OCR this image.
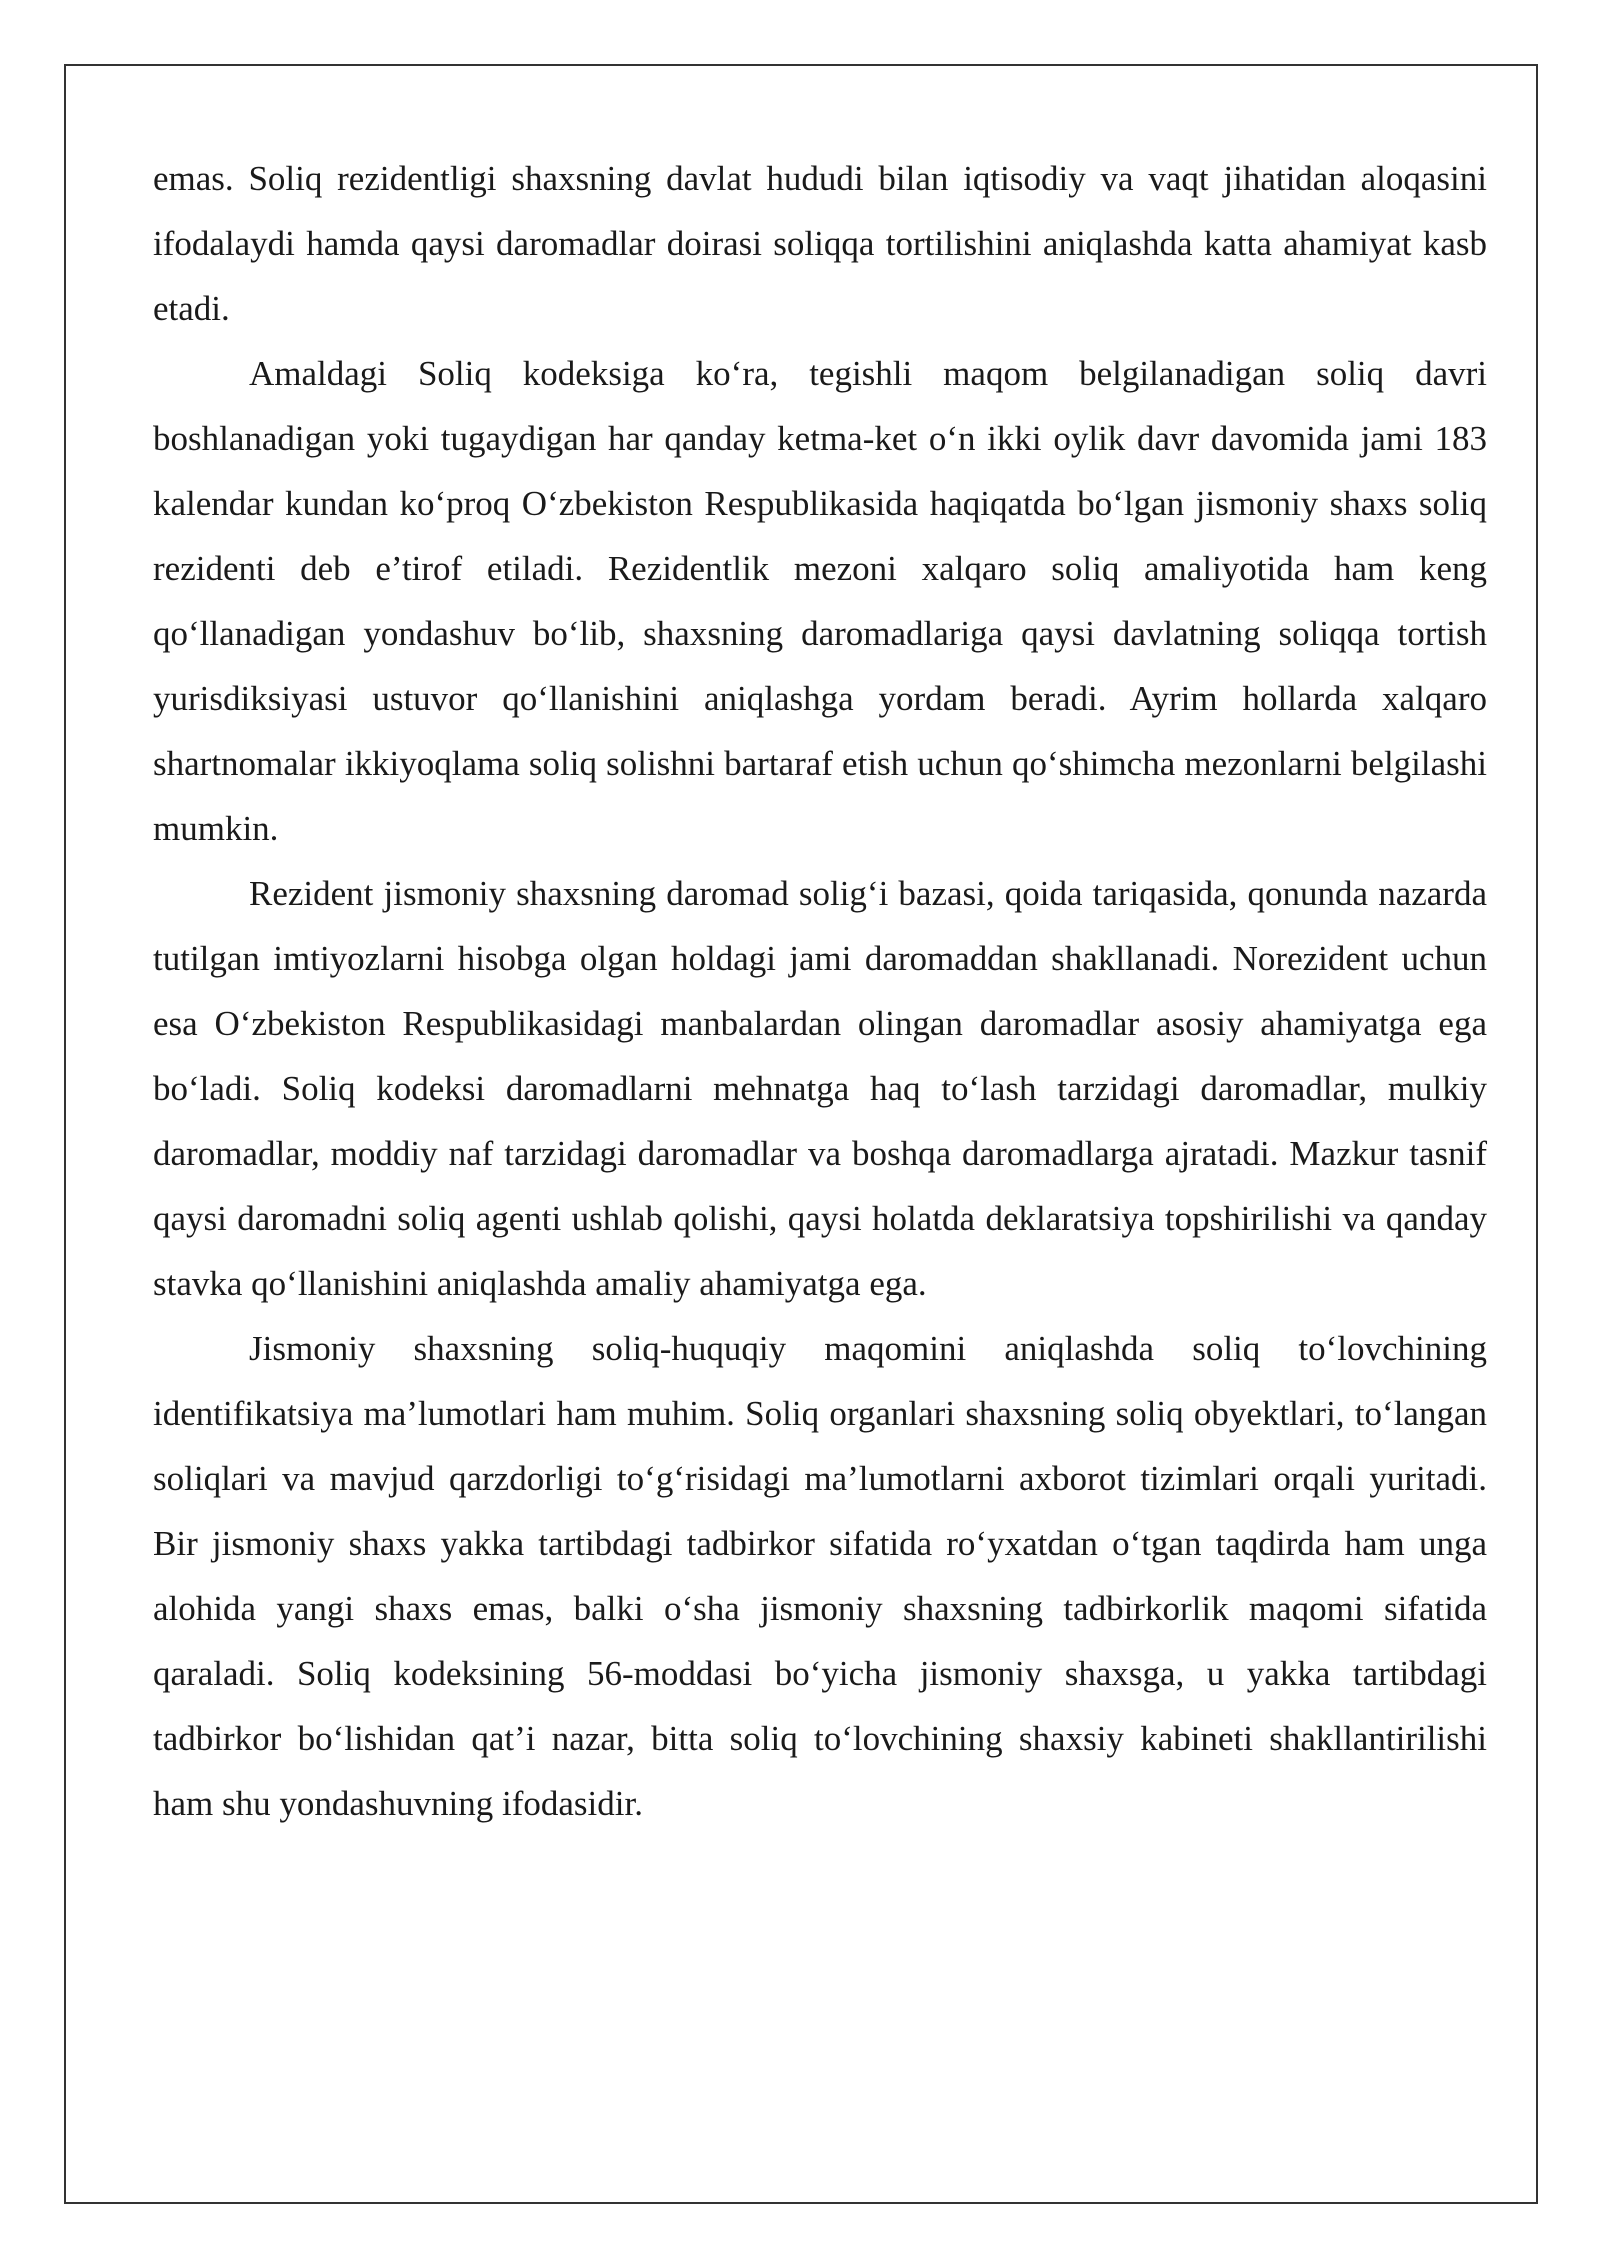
emas. Soliq rezidentligi shaxsning davlat hududi bilan iqtisodiy va vaqt jihatidan aloqasini ifodalaydi hamda qaysi daromadlar doirasi soliqqa tortilishini aniqlashda katta ahamiyat kasb etadi.

Amaldagi Soliq kodeksiga ko‘ra, tegishli maqom belgilanadigan soliq davri boshlanadigan yoki tugaydigan har qanday ketma-ket o‘n ikki oylik davr davomida jami 183 kalendar kundan ko‘proq O‘zbekiston Respublikasida haqiqatda bo‘lgan jismoniy shaxs soliq rezidenti deb e’tirof etiladi. Rezidentlik mezoni xalqaro soliq amaliyotida ham keng qo‘llanadigan yondashuv bo‘lib, shaxsning daromadlariga qaysi davlatning soliqqa tortish yurisdiksiyasi ustuvor qo‘llanishini aniqlashga yordam beradi. Ayrim hollarda xalqaro shartnomalar ikkiyoqlama soliq solishni bartaraf etish uchun qo‘shimcha mezonlarni belgilashi mumkin.

Rezident jismoniy shaxsning daromad solig‘i bazasi, qoida tariqasida, qonunda nazarda tutilgan imtiyozlarni hisobga olgan holdagi jami daromaddan shakllanadi. Norezident uchun esa O‘zbekiston Respublikasidagi manbalardan olingan daromadlar asosiy ahamiyatga ega bo‘ladi. Soliq kodeksi daromadlarni mehnatga haq to‘lash tarzidagi daromadlar, mulkiy daromadlar, moddiy naf tarzidagi daromadlar va boshqa daromadlarga ajratadi. Mazkur tasnif qaysi daromadni soliq agenti ushlab qolishi, qaysi holatda deklaratsiya topshirilishi va qanday stavka qo‘llanishini aniqlashda amaliy ahamiyatga ega.

Jismoniy shaxsning soliq-huquqiy maqomini aniqlashda soliq to‘lovchining identifikatsiya ma’lumotlari ham muhim. Soliq organlari shaxsning soliq obyektlari, to‘langan soliqlari va mavjud qarzdorligi to‘g‘risidagi ma’lumotlarni axborot tizimlari orqali yuritadi. Bir jismoniy shaxs yakka tartibdagi tadbirkor sifatida ro‘yxatdan o‘tgan taqdirda ham unga alohida yangi shaxs emas, balki o‘sha jismoniy shaxsning tadbirkorlik maqomi sifatida qaraladi. Soliq kodeksining 56-moddasi bo‘yicha jismoniy shaxsga, u yakka tartibdagi tadbirkor bo‘lishidan qat’i nazar, bitta soliq to‘lovchining shaxsiy kabineti shakllantirilishi ham shu yondashuvning ifodasidir.
